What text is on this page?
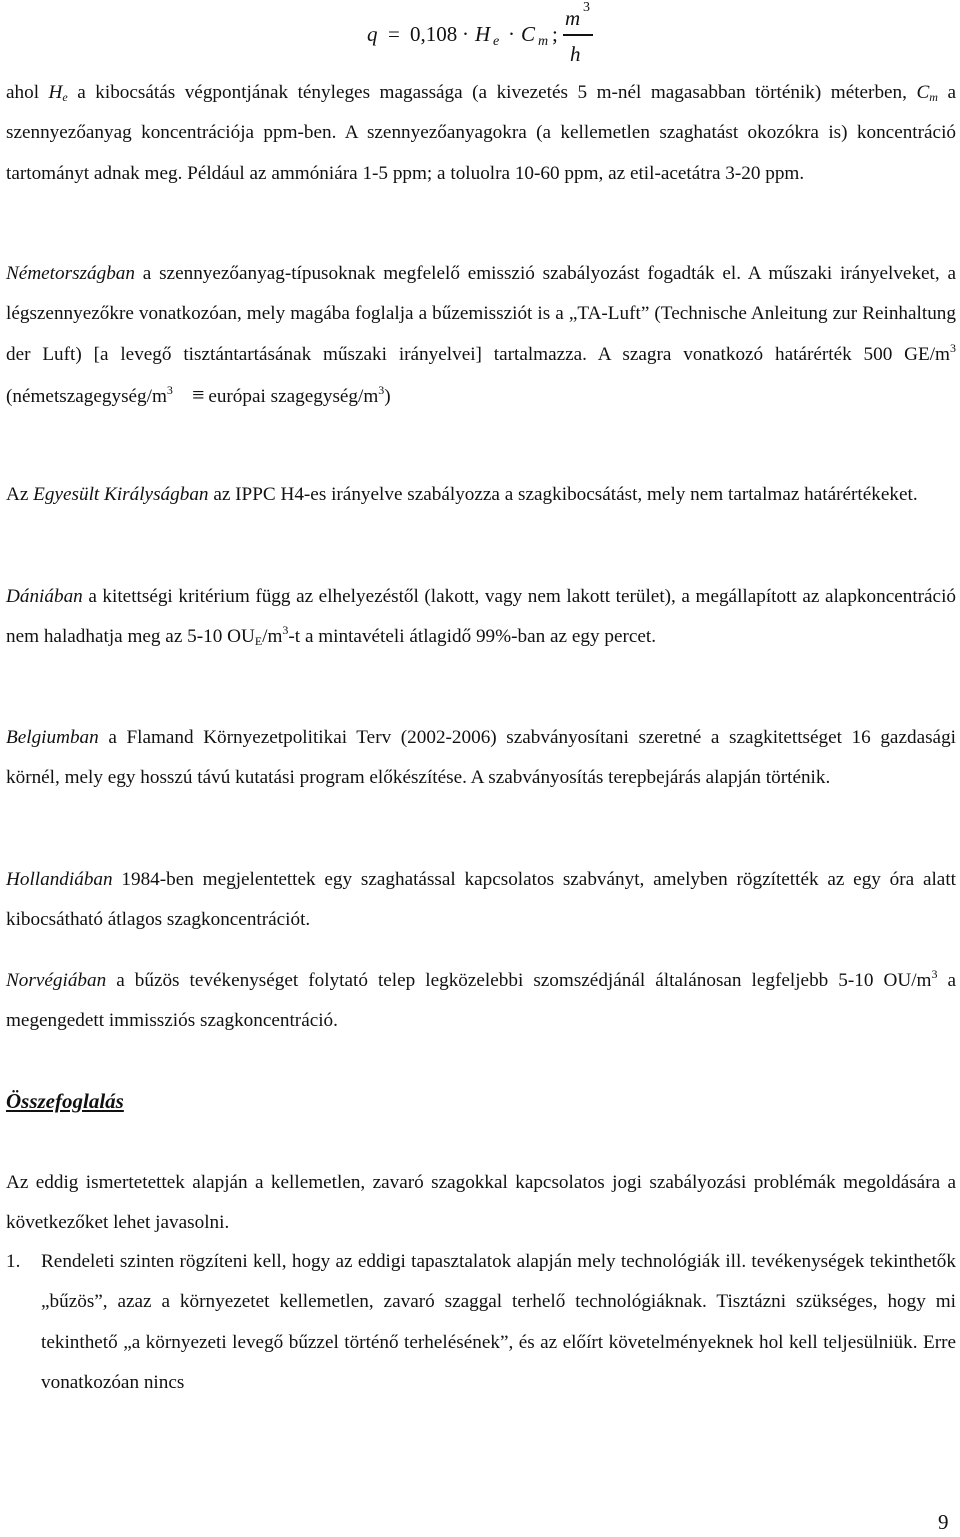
q = 0,108 · H e · C m ;
m 3
h

ahol $H_e$ a kibocsátás végpontjának tényleges magassága (a kivezetés 5 m-nél magasabban történik) méterben, $C_m$ a szennyezőanyag koncentrációja ppm-ben. A szennyezőanyagokra (a kellemetlen szaghatást okozókra is) koncentráció tartományt adnak meg. Például az ammóniára 1-5 ppm; a toluolra 10-60 ppm, az etil-acetátra 3-20 ppm.

Németországban a szennyezőanyag-típusoknak megfelelő emisszió szabályozást fogadták el. A műszaki irányelveket, a légszennyezőkre vonatkozóan, mely magába foglalja a bűzemissziót is a „TA-Luft” (Technische Anleitung zur Reinhaltung der Luft) [a levegő tisztántartásának műszaki irányelvei] tartalmazza. A szagra vonatkozó határérték 500 $GE/m^3$ ($németszagegység/m^3$ ≡ európai szagegység/$m^3$)

Az Egyesült Királyságban az IPPC H4-es irányelve szabályozza a szagkibocsátást, mely nem tartalmaz határértékeket.

Dániában a kitettségi kritérium függ az elhelyezéstől (lakott, vagy nem lakott terület), a megállapított az alapkoncentráció nem haladhatja meg az 5-10 $OU_E/m^3-t$ a mintavételi átlagidő 99%-ban az egy percet.

Belgiumban a Flamand Környezetpolitikai Terv (2002-2006) szabványosítani szeretné a szagkitettséget 16 gazdasági körnél, mely egy hosszú távú kutatási program előkészítése. A szabványosítás terepbejárás alapján történik.

Hollandiában 1984-ben megjelentettek egy szaghatással kapcsolatos szabványt, amelyben rögzítették az egy óra alatt kibocsátható átlagos szagkoncentrációt.

Norvégiában a bűzös tevékenységet folytató telep legközelebbi szomszédjánál általánosan legfeljebb 5-10 $OU/m^3$ a megengedett immissziós szagkoncentráció.

Összefoglalás

Az eddig ismertetettek alapján a kellemetlen, zavaró szagokkal kapcsolatos jogi szabályozási problémák megoldására a következőket lehet javasolni.

1. Rendeleti szinten rögzíteni kell, hogy az eddigi tapasztalatok alapján mely technológiák ill. tevékenységek tekinthetők „bűzös”, azaz a környezetet kellemetlen, zavaró szaggal terhelő technológiáknak. Tisztázni szükséges, hogy mi tekinthető „a környezeti levegő bűzzel történő terhelésének”, és az előírt követelményeknek hol kell teljesülniük. Erre vonatkozóan nincs
9
